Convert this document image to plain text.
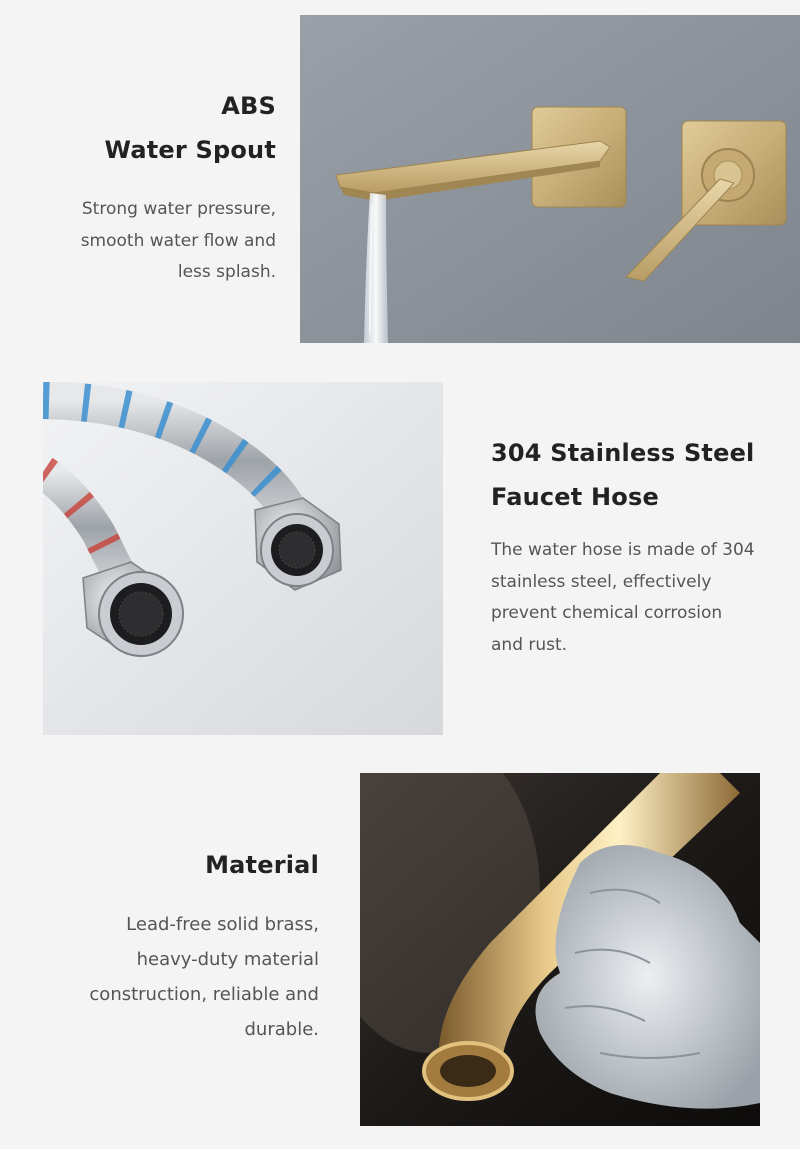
ABS
Water Spout
Strong water pressure,
smooth water flow and
less splash.
304 Stainless Steel
Faucet Hose
The water hose is made of 304
stainless steel, effectively
prevent chemical corrosion
and rust.
Material
Lead-free solid brass,
heavy-duty material
construction, reliable and
durable.
